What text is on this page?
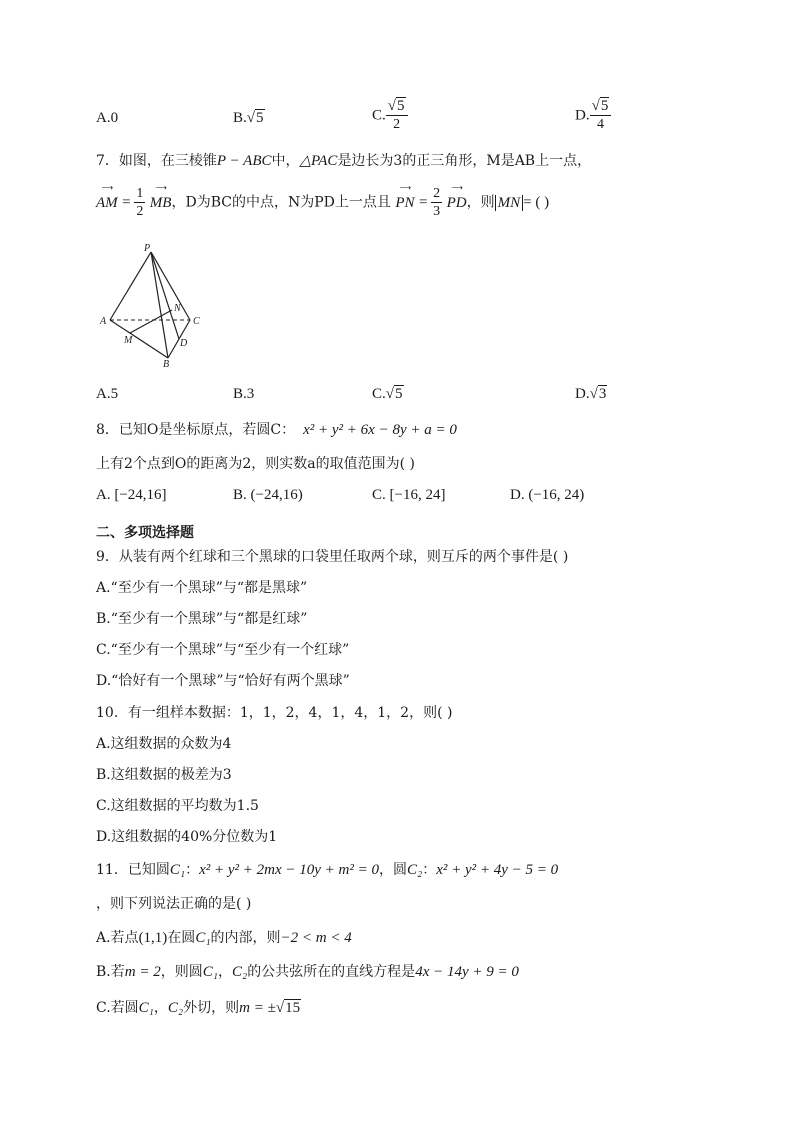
A.0	B.√5	C. $\frac{√5}{2}$	D. $\frac{√5}{4}$
7．如图，在三棱锥P − ABC中，△PAC是边长为3的正三角形，M是AB上一点，
⟶
AM = $\frac{1}{2}$
	⟶
MB，D为BC的中点，N为PD上一点且
⟶
PN = $\frac{2}{3}$
	⟶
PD，则 MN = ( )
P
A	C
N
M	D
B
A.5	B.3	C.√5	D.√3
8．已知O是坐标原点，若圆C： x² + y² + 6x − 8y + a = 0
上有2个点到O的距离为2，则实数a的取值范围为( )
A. [−24,16]	B. (−24,16)	C. [−16, 24]	D. (−16, 24)
二、多项选择题
9．从装有两个红球和三个黑球的口袋里任取两个球，则互斥的两个事件是( )
A.“至少有一个黑球”与“都是黑球”
B.“至少有一个黑球”与“都是红球”
C.“至少有一个黑球”与“至少有一个红球”
D.“恰好有一个黑球”与“恰好有两个黑球”
10．有一组样本数据：1，1，2，4，1，4，1，2，则( )
A.这组数据的众数为4
B.这组数据的极差为3
C.这组数据的平均数为1.5
D.这组数据的40%分位数为1
11．已知圆C₁：x² + y² + 2mx − 10y + m² = 0，圆C₂：x² + y² + 4y − 5 = 0
，则下列说法正确的是( )
A.若点(1,1)在圆C₁的内部，则−2 < m < 4
B.若m = 2，则圆C₁，C₂的公共弦所在的直线方程是4x − 14y + 9 = 0
C.若圆C₁，C₂外切，则m = ±√15
